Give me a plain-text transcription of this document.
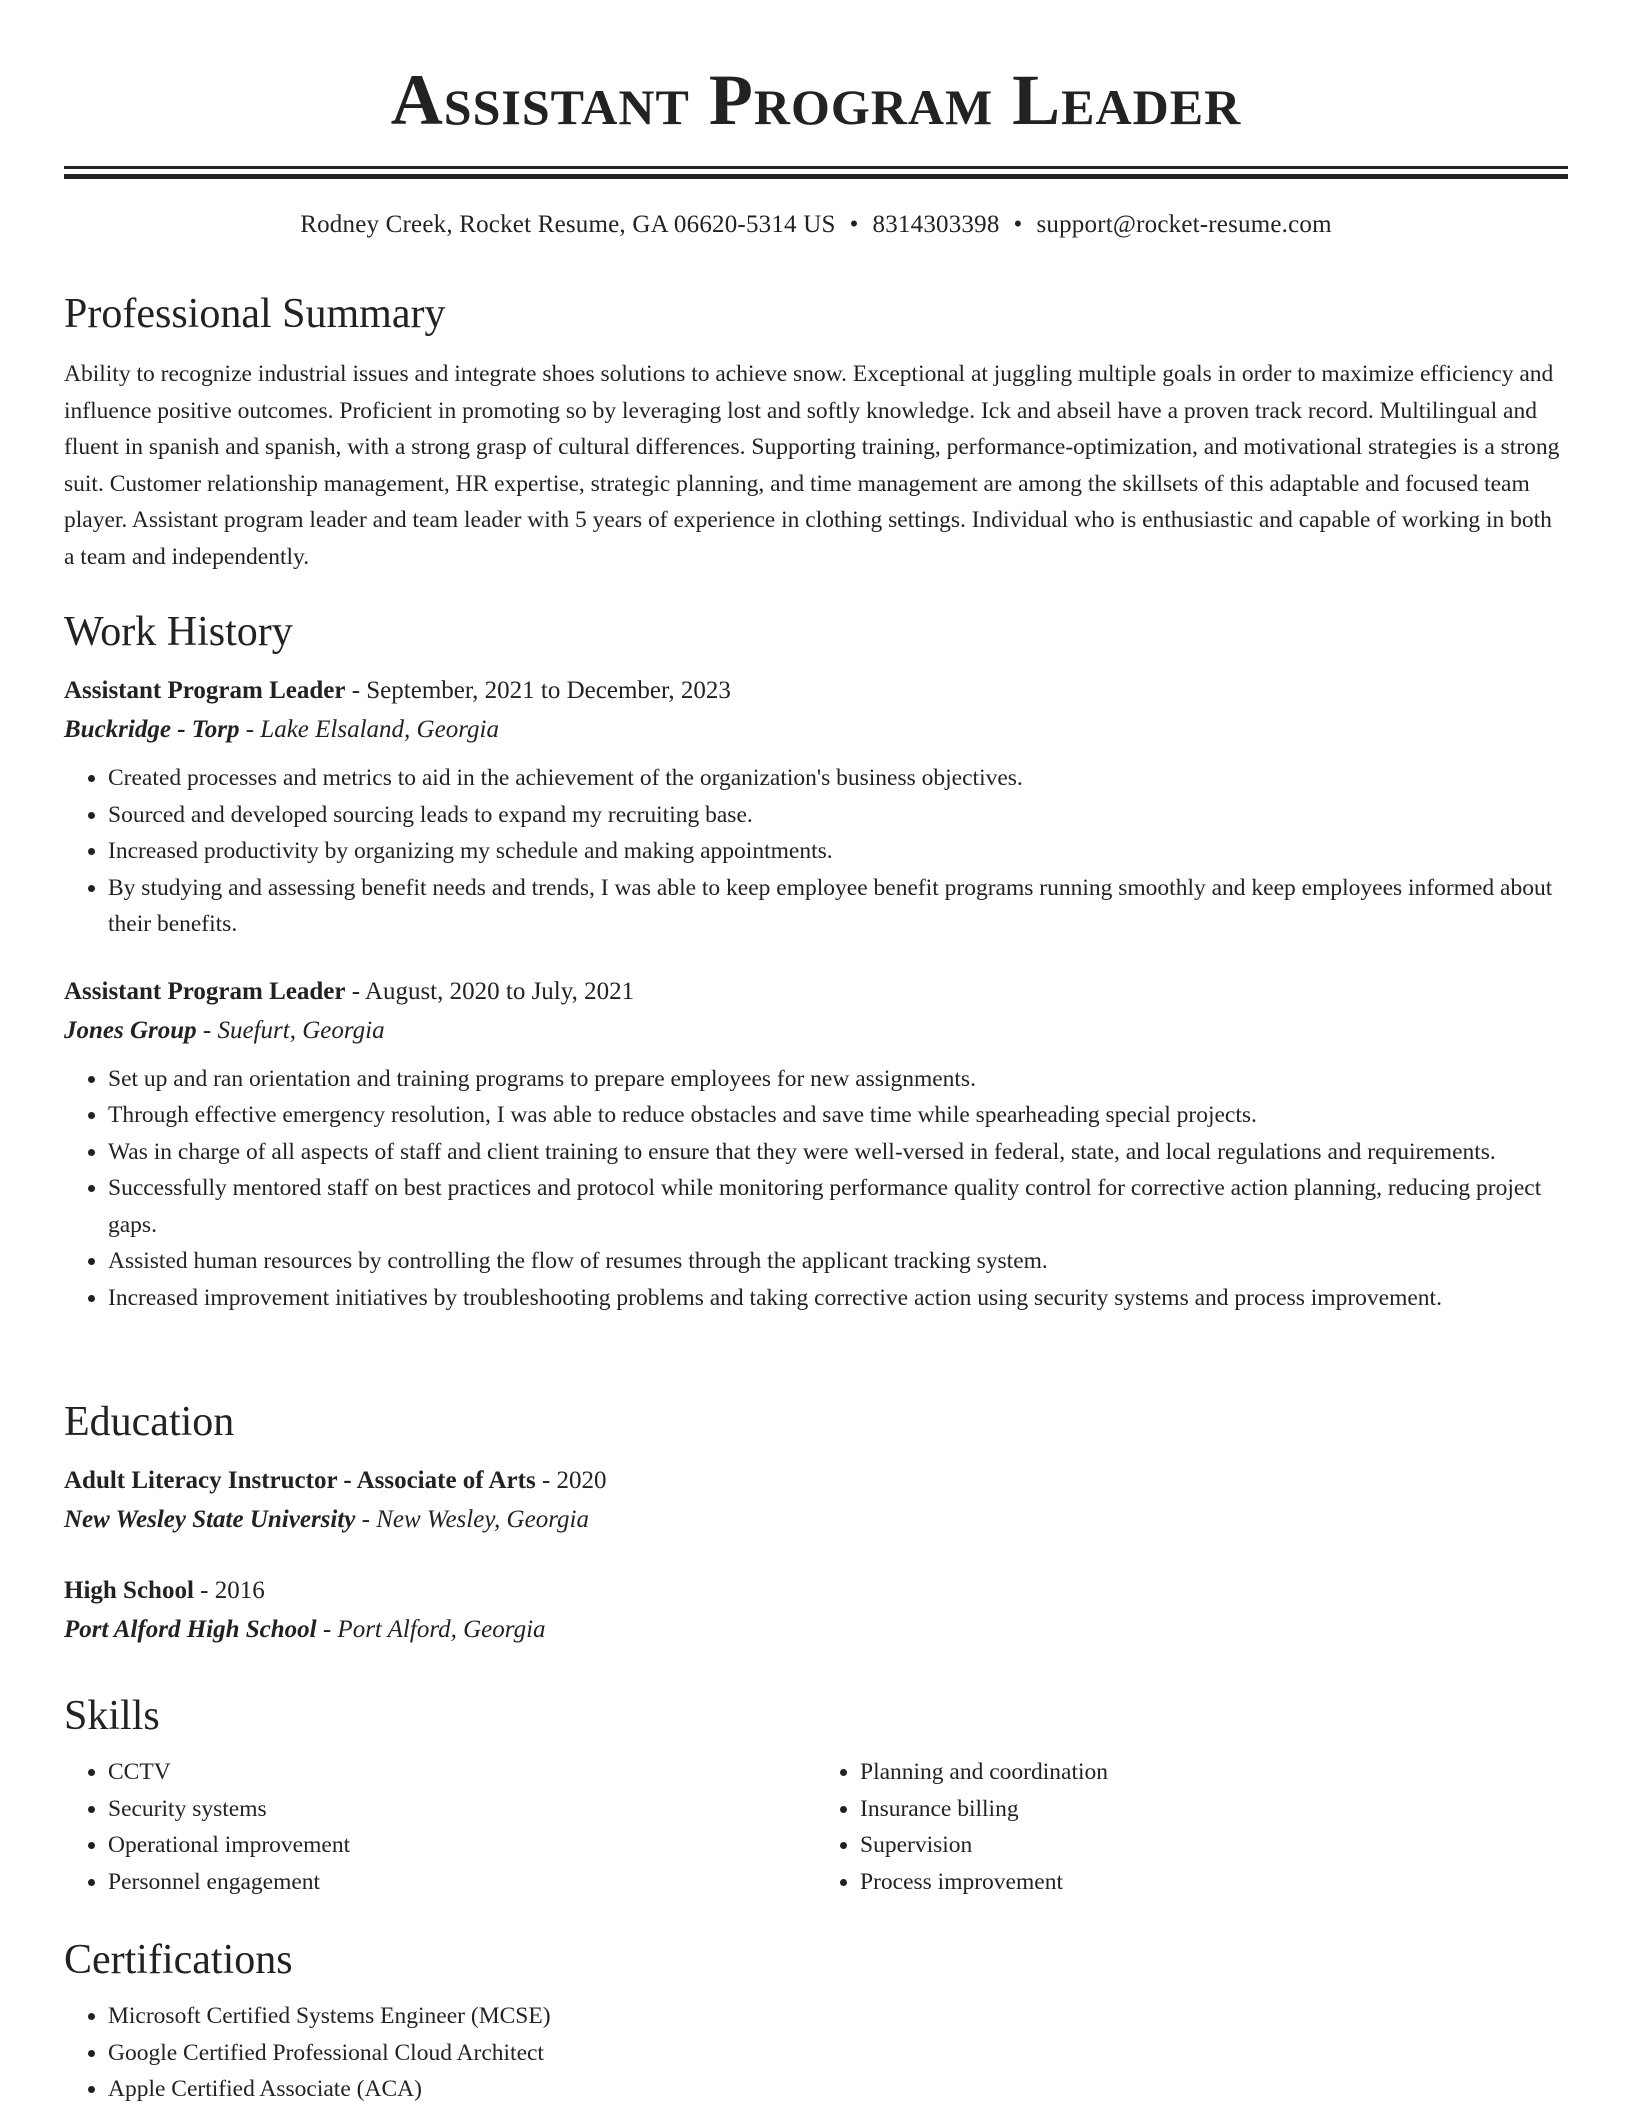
Assistant Program Leader
Rodney Creek, Rocket Resume, GA 06620-5314 US • 8314303398 • support@rocket-resume.com
Professional Summary

Ability to recognize industrial issues and integrate shoes solutions to achieve snow. Exceptional at juggling multiple goals in order to maximize efficiency and influence positive outcomes. Proficient in promoting so by leveraging lost and softly knowledge. Ick and abseil have a proven track record. Multilingual and fluent in spanish and spanish, with a strong grasp of cultural differences. Supporting training, performance-optimization, and motivational strategies is a strong suit. Customer relationship management, HR expertise, strategic planning, and time management are among the skillsets of this adaptable and focused team player. Assistant program leader and team leader with 5 years of experience in clothing settings. Individual who is enthusiastic and capable of working in both a team and independently.

Work History

Assistant Program Leader - September, 2021 to December, 2023

Buckridge - Torp - Lake Elsaland, Georgia

• Created processes and metrics to aid in the achievement of the organization's business objectives.
• Sourced and developed sourcing leads to expand my recruiting base.
• Increased productivity by organizing my schedule and making appointments.
• By studying and assessing benefit needs and trends, I was able to keep employee benefit programs running smoothly and keep employees informed about their benefits.

Assistant Program Leader - August, 2020 to July, 2021

Jones Group - Suefurt, Georgia

• Set up and ran orientation and training programs to prepare employees for new assignments.
• Through effective emergency resolution, I was able to reduce obstacles and save time while spearheading special projects.
• Was in charge of all aspects of staff and client training to ensure that they were well-versed in federal, state, and local regulations and requirements.
• Successfully mentored staff on best practices and protocol while monitoring performance quality control for corrective action planning, reducing project gaps.
• Assisted human resources by controlling the flow of resumes through the applicant tracking system.
• Increased improvement initiatives by troubleshooting problems and taking corrective action using security systems and process improvement.
Education

Adult Literacy Instructor - Associate of Arts - 2020

New Wesley State University - New Wesley, Georgia

High School - 2016

Port Alford High School - Port Alford, Georgia

Skills
• CCTV
• Security systems
• Operational improvement
• Personnel engagement
• Planning and coordination
• Insurance billing
• Supervision
• Process improvement
Certifications
• Microsoft Certified Systems Engineer (MCSE)
• Google Certified Professional Cloud Architect
• Apple Certified Associate (ACA)
